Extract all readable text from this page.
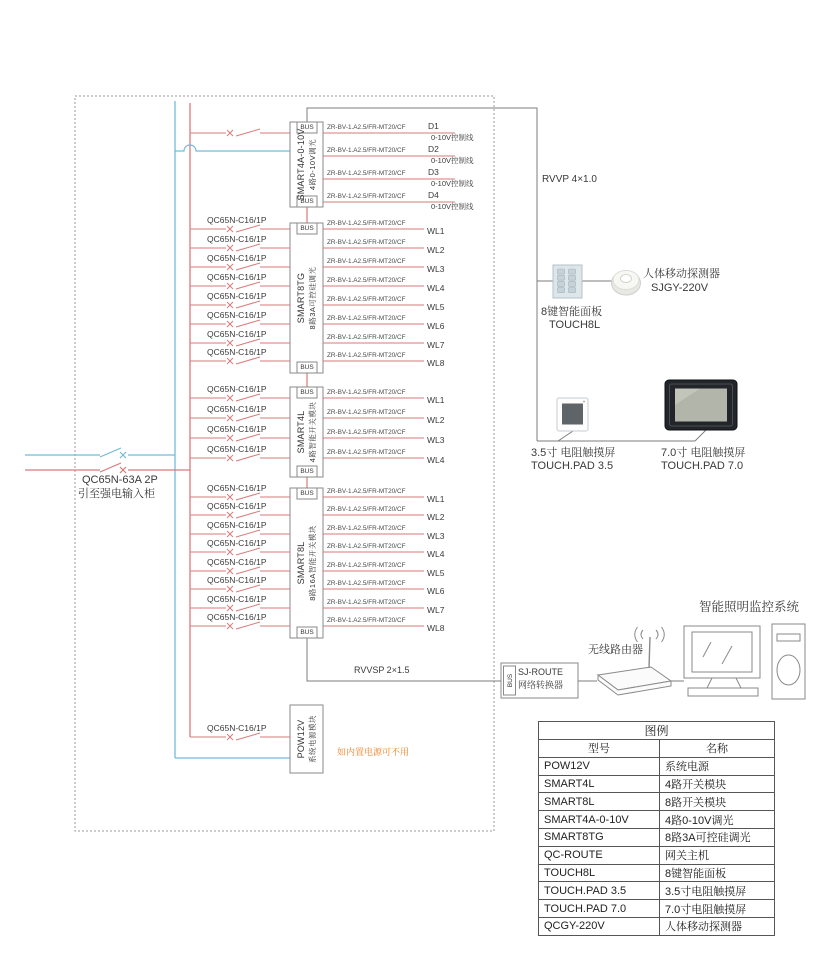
QC65N-63A 2P
引至强电输入柜
RVVP 4×1.0
RVVSP 2×1.5
人体移动探测器
SJGY-220V
8键智能面板
TOUCH8L
3.5寸 电阻触摸屏
TOUCH.PAD 3.5
7.0寸 电阻触摸屏
TOUCH.PAD 7.0
无线路由器
智能照明监控系统
SJ-ROUTE
网络转换器
BUS
图例	
型号	名称
POW12V	系统电源
SMART4L	4路开关模块
SMART8L	8路开关模块
SMART4A-0-10V	4路0-10V调光
SMART8TG	8路3A可控硅调光
QC-ROUTE	网关主机
TOUCH8L	8键智能面板
TOUCH.PAD 3.5	3.5寸电阻触摸屏
TOUCH.PAD 7.0	7.0寸电阻触摸屏
QCGY-220V	人体移动探测器
BUS
BUS
SMART4A-0-10V 4路0-10V调光
ZR-BV-1.A2.5/FR-MT20/CF	D1
0-10V控制线
ZR-BV-1.A2.5/FR-MT20/CF	D2
0-10V控制线
ZR-BV-1.A2.5/FR-MT20/CF	D3
0-10V控制线
ZR-BV-1.A2.5/FR-MT20/CF	D4
0-10V控制线
BUS
BUS
SMART8TG 8路3A可控硅调光
QC65N-C16/1P
QC65N-C16/1P
QC65N-C16/1P
QC65N-C16/1P
QC65N-C16/1P
QC65N-C16/1P
QC65N-C16/1P
QC65N-C16/1P
ZR-BV-1.A2.5/FR-MT20/CF
WL1
ZR-BV-1.A2.5/FR-MT20/CF
WL2
ZR-BV-1.A2.5/FR-MT20/CF
WL3
ZR-BV-1.A2.5/FR-MT20/CF
WL4
ZR-BV-1.A2.5/FR-MT20/CF
WL5
ZR-BV-1.A2.5/FR-MT20/CF
WL6
ZR-BV-1.A2.5/FR-MT20/CF
WL7
ZR-BV-1.A2.5/FR-MT20/CF
WL8
BUS
BUS
SMART4L 4路智能开关模块
QC65N-C16/1P
QC65N-C16/1P
QC65N-C16/1P
QC65N-C16/1P
ZR-BV-1.A2.5/FR-MT20/CF
WL1
ZR-BV-1.A2.5/FR-MT20/CF
WL2
ZR-BV-1.A2.5/FR-MT20/CF
WL3
ZR-BV-1.A2.5/FR-MT20/CF
WL4
BUS
BUS
SMART8L 8路16A智能开关模块
QC65N-C16/1P
QC65N-C16/1P
QC65N-C16/1P
QC65N-C16/1P
QC65N-C16/1P
QC65N-C16/1P
QC65N-C16/1P
QC65N-C16/1P
ZR-BV-1.A2.5/FR-MT20/CF
WL1
ZR-BV-1.A2.5/FR-MT20/CF
WL2
ZR-BV-1.A2.5/FR-MT20/CF
WL3
ZR-BV-1.A2.5/FR-MT20/CF
WL4
ZR-BV-1.A2.5/FR-MT20/CF
WL5
ZR-BV-1.A2.5/FR-MT20/CF
WL6
ZR-BV-1.A2.5/FR-MT20/CF
WL7
ZR-BV-1.A2.5/FR-MT20/CF
WL8
POW12V 系统电源模块
QC65N-C16/1P
如内置电源可不用
